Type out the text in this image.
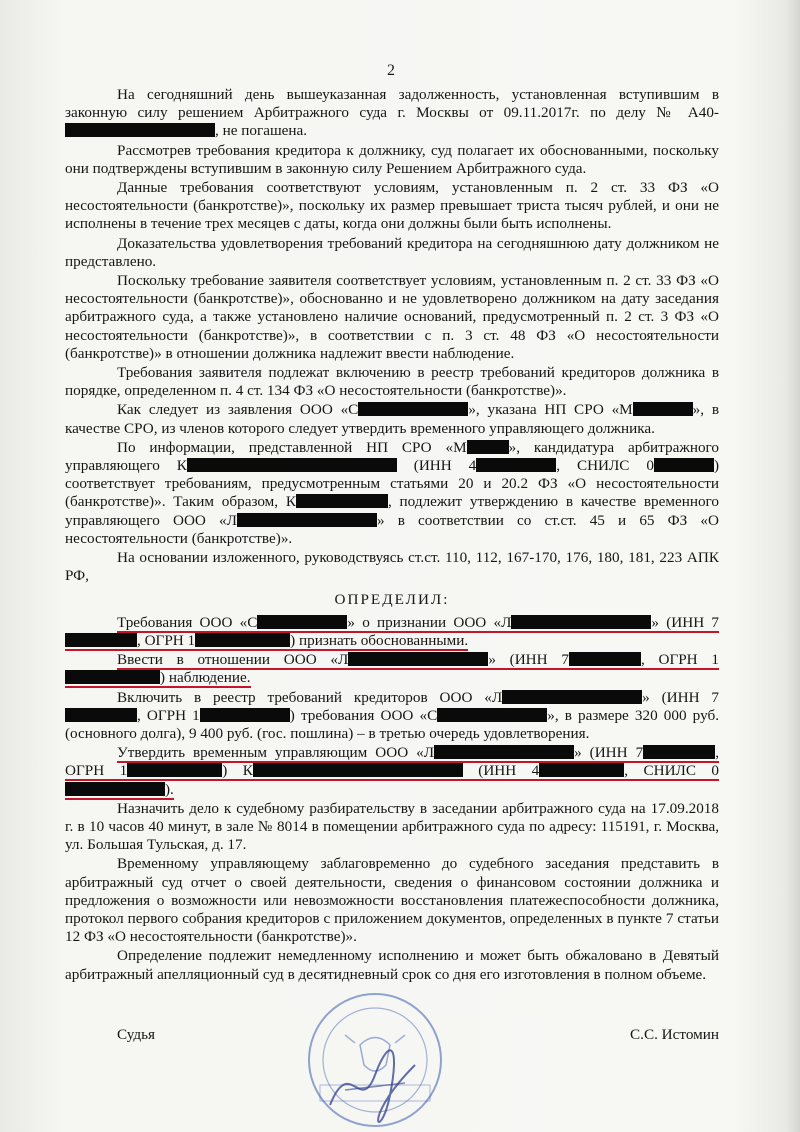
2

На сегодняшний день вышеуказанная задолженность, установленная вступившим в законную силу решением Арбитражного суда г. Москвы от 09.11.2017г. по делу № А40-, не погашена.

Рассмотрев требования кредитора к должнику, суд полагает их обоснованными, поскольку они подтверждены вступившим в законную силу Решением Арбитражного суда.

Данные требования соответствуют условиям, установленным п. 2 ст. 33 ФЗ «О несостоятельности (банкротстве)», поскольку их размер превышает триста тысяч рублей, и они не исполнены в течение трех месяцев с даты, когда они должны были быть исполнены.

Доказательства удовлетворения требований кредитора на сегодняшнюю дату должником не представлено.

Поскольку требование заявителя соответствует условиям, установленным п. 2 ст. 33 ФЗ «О несостоятельности (банкротстве)», обоснованно и не удовлетворено должником на дату заседания арбитражного суда, а также установлено наличие оснований, предусмотренный п. 2 ст. 3 ФЗ «О несостоятельности (банкротстве)», в соответствии с п. 3 ст. 48 ФЗ «О несостоятельности (банкротстве)» в отношении должника надлежит ввести наблюдение.

Требования заявителя подлежат включению в реестр требований кредиторов должника в порядке, определенном п. 4 ст. 134 ФЗ «О несостоятельности (банкротстве)».

Как следует из заявления ООО «С	», указана НП СРО «М	», в качестве СРО, из членов которого следует утвердить временного управляющего должника.

По информации, представленной НП СРО «М	», кандидатура арбитражного управляющего К	(ИНН 4	, СНИЛС 0	) соответствует требованиям, предусмотренным статьями 20 и 20.2 ФЗ «О несостоятельности (банкротстве)». Таким образом, К	, подлежит утверждению в качестве временного управляющего ООО «Л	» в соответствии со ст.ст. 45 и 65 ФЗ «О несостоятельности (банкротстве)».

На основании изложенного, руководствуясь ст.ст. 110, 112, 167-170, 176, 180, 181, 223 АПК РФ,

ОПРЕДЕЛИЛ:

Требования ООО «С	» о признании ООО «Л	» (ИНН 7, ОГРН 1	) признать обоснованными.

Ввести в отношении ООО «Л	» (ИНН 7	, ОГРН 1) наблюдение.

Включить в реестр требований кредиторов ООО «Л	» (ИНН 7, ОГРН 1	) требования ООО «С	», в размере 320 000 руб. (основного долга), 9 400 руб. (гос. пошлина) – в третью очередь удовлетворения.

Утвердить временным управляющим ООО «Л	» (ИНН 7	, ОГРН 1	) К	(ИНН 4	, СНИЛС 0).

Назначить дело к судебному разбирательству в заседании арбитражного суда на 17.09.2018 г. в 10 часов 40 минут, в зале № 8014 в помещении арбитражного суда по адресу: 115191, г. Москва, ул. Большая Тульская, д. 17.

Временному управляющему заблаговременно до судебного заседания представить в арбитражный суд отчет о своей деятельности, сведения о финансовом состоянии должника и предложения о возможности или невозможности восстановления платежеспособности должника, протокол первого собрания кредиторов с приложением документов, определенных в пункте 7 статьи 12 ФЗ «О несостоятельности (банкротстве)».

Определение подлежит немедленному исполнению и может быть обжаловано в Девятый арбитражный апелляционный суд в десятидневный срок со дня его изготовления в полном объеме.

Судья	С.С. Истомин
